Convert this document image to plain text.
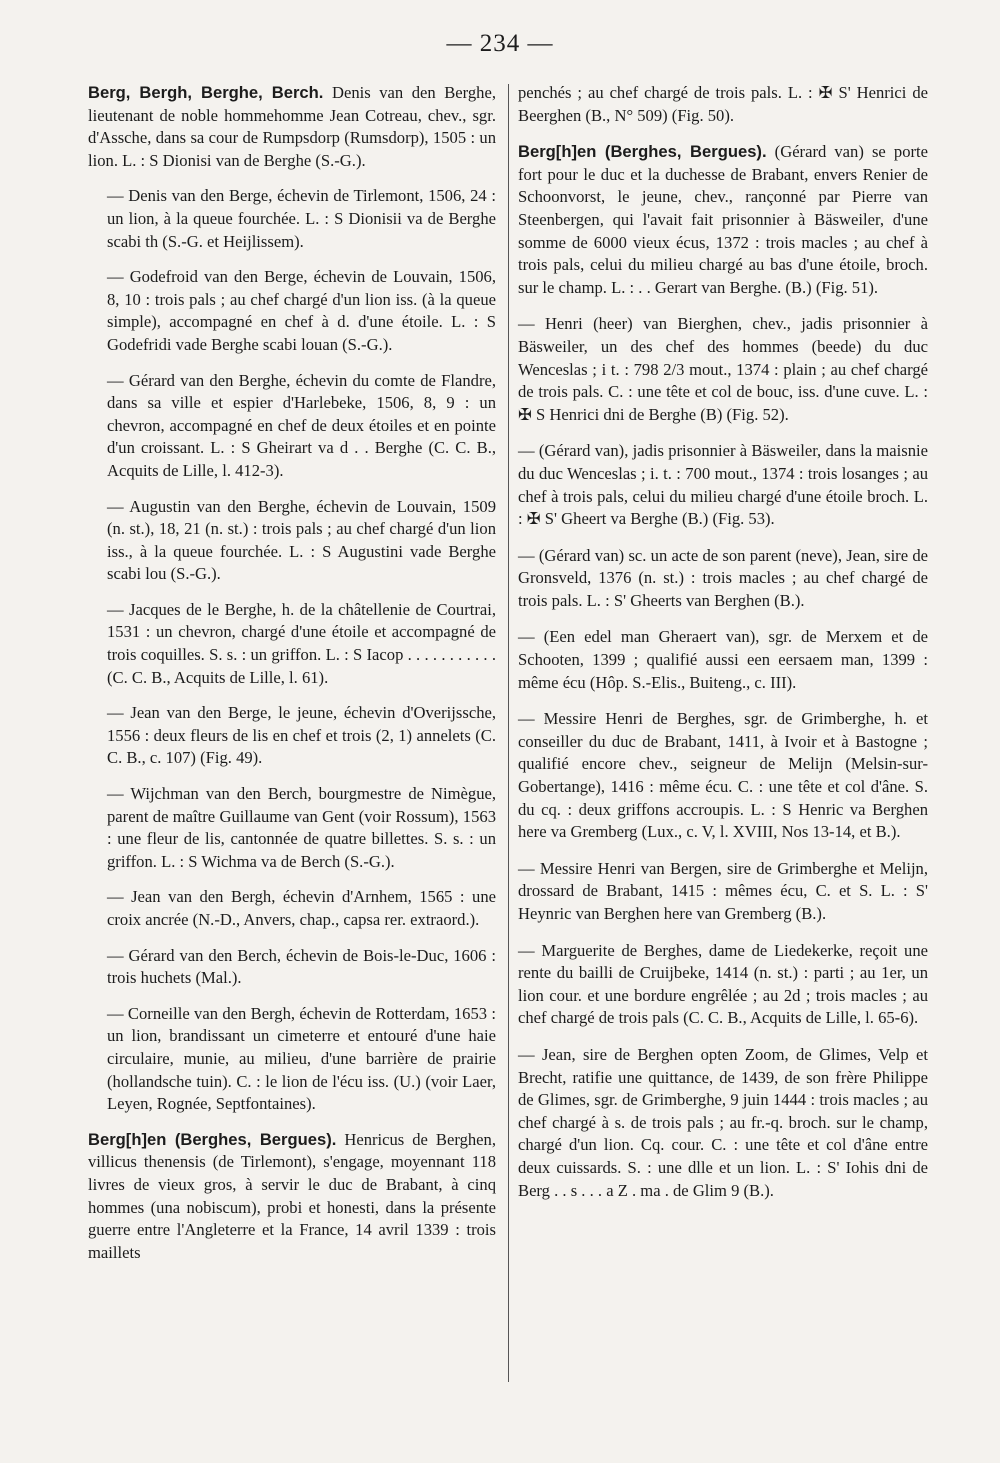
— 234 —

Berg, Bergh, Berghe, Berch. Denis van den Berghe, lieutenant de noble hommehomme Jean Cotreau, chev., sgr. d'Assche, dans sa cour de Rumpsdorp (Rumsdorp), 1505 : un lion. L. : S Dionisi van de Berghe (S.-G.).

— Denis van den Berge, échevin de Tirlemont, 1506, 24 : un lion, à la queue fourchée. L. : S Dionisii va de Berghe scabi th (S.-G. et Heijlissem).

— Godefroid van den Berge, échevin de Louvain, 1506, 8, 10 : trois pals ; au chef chargé d'un lion iss. (à la queue simple), accompagné en chef à d. d'une étoile. L. : S Godefridi vade Berghe scabi louan (S.-G.).

— Gérard van den Berghe, échevin du comte de Flandre, dans sa ville et espier d'Harlebeke, 1506, 8, 9 : un chevron, accompagné en chef de deux étoiles et en pointe d'un croissant. L. : S Gheirart va d . . Berghe (C. C. B., Acquits de Lille, l. 412-3).

— Augustin van den Berghe, échevin de Louvain, 1509 (n. st.), 18, 21 (n. st.) : trois pals ; au chef chargé d'un lion iss., à la queue fourchée. L. : S Augustini vade Berghe scabi lou (S.-G.).

— Jacques de le Berghe, h. de la châtellenie de Courtrai, 1531 : un chevron, chargé d'une étoile et accompagné de trois coquilles. S. s. : un griffon. L. : S Iacop . . . . . . . . . . . (C. C. B., Acquits de Lille, l. 61).

— Jean van den Berge, le jeune, échevin d'Overijssche, 1556 : deux fleurs de lis en chef et trois (2, 1) annelets (C. C. B., c. 107) (Fig. 49).

— Wijchman van den Berch, bourgmestre de Nimègue, parent de maître Guillaume van Gent (voir Rossum), 1563 : une fleur de lis, cantonnée de quatre billettes. S. s. : un griffon. L. : S Wichma va de Berch (S.-G.).

— Jean van den Bergh, échevin d'Arnhem, 1565 : une croix ancrée (N.-D., Anvers, chap., capsa rer. extraord.).

— Gérard van den Berch, échevin de Bois-le-Duc, 1606 : trois huchets (Mal.).

— Corneille van den Bergh, échevin de Rotterdam, 1653 : un lion, brandissant un cimeterre et entouré d'une haie circulaire, munie, au milieu, d'une barrière de prairie (hollandsche tuin). C. : le lion de l'écu iss. (U.) (voir Laer, Leyen, Rognée, Septfontaines).

Berg[h]en (Berghes, Bergues). Henricus de Berghen, villicus thenensis (de Tirlemont), s'engage, moyennant 118 livres de vieux gros, à servir le duc de Brabant, à cinq hommes (una nobiscum), probi et honesti, dans la présente guerre entre l'Angleterre et la France, 14 avril 1339 : trois maillets

penchés ; au chef chargé de trois pals. L. : ✠ S' Henrici de Beerghen (B., N° 509) (Fig. 50).

Berg[h]en (Berghes, Bergues). (Gérard van) se porte fort pour le duc et la duchesse de Brabant, envers Renier de Schoonvorst, le jeune, chev., rançonné par Pierre van Steenbergen, qui l'avait fait prisonnier à Bäsweiler, d'une somme de 6000 vieux écus, 1372 : trois macles ; au chef à trois pals, celui du milieu chargé au bas d'une étoile, broch. sur le champ. L. : . . Gerart van Berghe. (B.) (Fig. 51).

— Henri (heer) van Bierghen, chev., jadis prisonnier à Bäsweiler, un des chef des hommes (beede) du duc Wenceslas ; i t. : 798 2/3 mout., 1374 : plain ; au chef chargé de trois pals. C. : une tête et col de bouc, iss. d'une cuve. L. : ✠ S Henrici dni de Berghe (B) (Fig. 52).

— (Gérard van), jadis prisonnier à Bäsweiler, dans la maisnie du duc Wenceslas ; i. t. : 700 mout., 1374 : trois losanges ; au chef à trois pals, celui du milieu chargé d'une étoile broch. L. : ✠ S' Gheert va Berghe (B.) (Fig. 53).

— (Gérard van) sc. un acte de son parent (neve), Jean, sire de Gronsveld, 1376 (n. st.) : trois macles ; au chef chargé de trois pals. L. : S' Gheerts van Berghen (B.).

— (Een edel man Gheraert van), sgr. de Merxem et de Schooten, 1399 ; qualifié aussi een eersaem man, 1399 : même écu (Hôp. S.-Elis., Buiteng., c. III).

— Messire Henri de Berghes, sgr. de Grimberghe, h. et conseiller du duc de Brabant, 1411, à Ivoir et à Bastogne ; qualifié encore chev., seigneur de Melijn (Melsin-sur-Gobertange), 1416 : même écu. C. : une tête et col d'âne. S. du cq. : deux griffons accroupis. L. : S Henric va Berghen here va Gremberg (Lux., c. V, l. XVIII, Nos 13-14, et B.).

— Messire Henri van Bergen, sire de Grimberghe et Melijn, drossard de Brabant, 1415 : mêmes écu, C. et S. L. : S' Heynric van Berghen here van Gremberg (B.).

— Marguerite de Berghes, dame de Liedekerke, reçoit une rente du bailli de Cruijbeke, 1414 (n. st.) : parti ; au 1er, un lion cour. et une bordure engrêlée ; au 2d ; trois macles ; au chef chargé de trois pals (C. C. B., Acquits de Lille, l. 65-6).

— Jean, sire de Berghen opten Zoom, de Glimes, Velp et Brecht, ratifie une quittance, de 1439, de son frère Philippe de Glimes, sgr. de Grimberghe, 9 juin 1444 : trois macles ; au chef chargé à s. de trois pals ; au fr.-q. broch. sur le champ, chargé d'un lion. Cq. cour. C. : une tête et col d'âne entre deux cuissards. S. : une dlle et un lion. L. : S' Iohis dni de Berg . . s . . . a Z . ma . de Glim 9 (B.).
